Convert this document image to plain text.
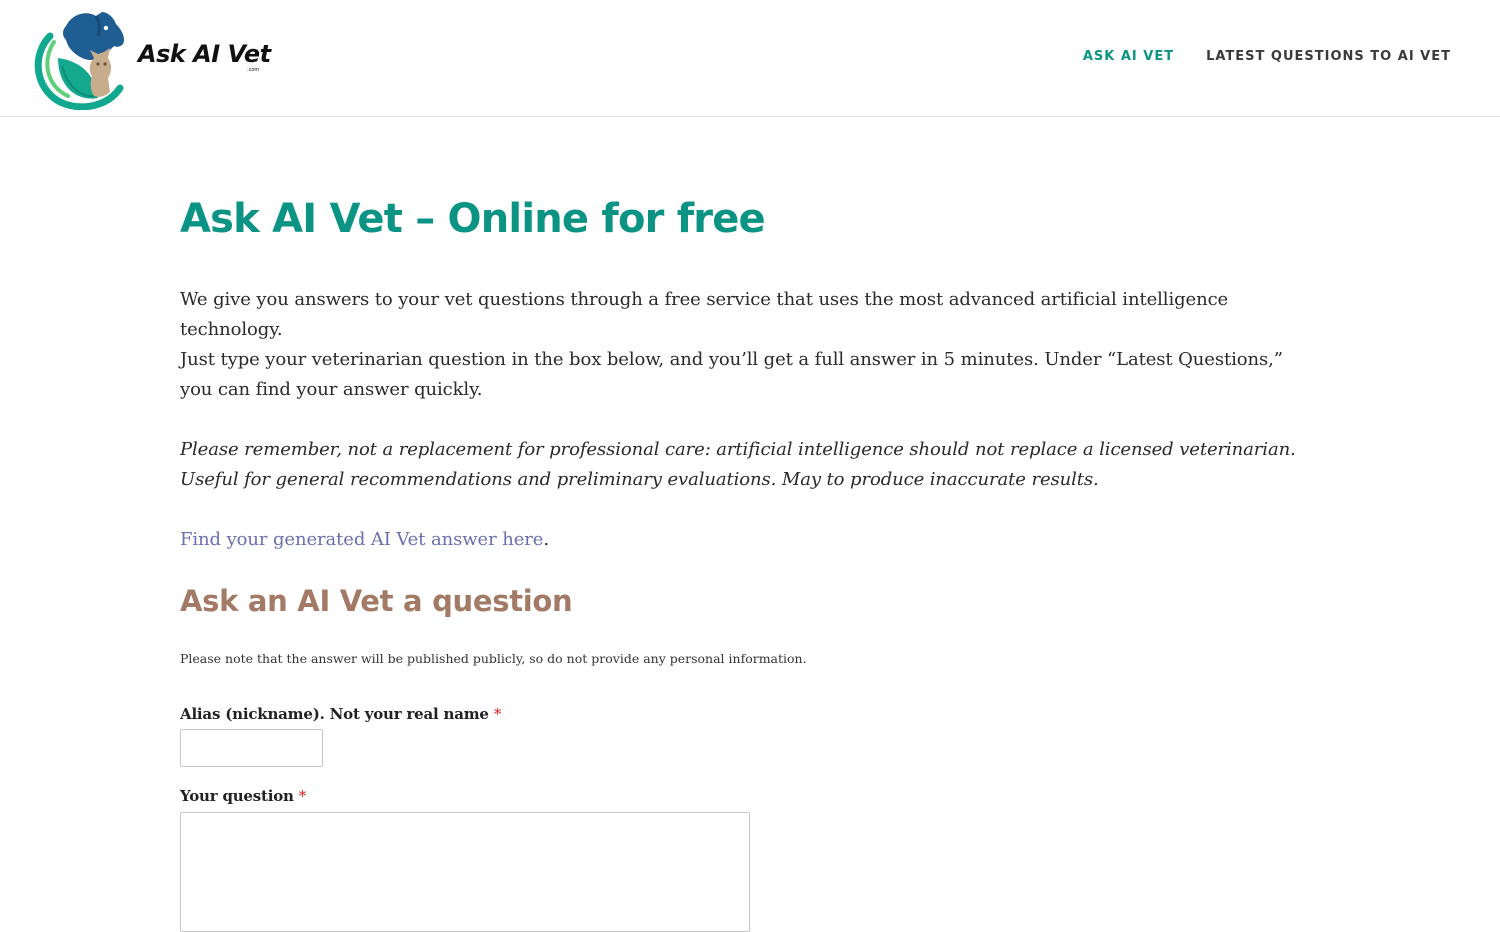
Ask AI Vet
.com
ASK AI VET LATEST QUESTIONS TO AI VET
Ask AI Vet – Online for free

We give you answers to your vet questions through a free service that uses the most advanced artificial intelligence technology.

Just type your veterinarian question in the box below, and you’ll get a full answer in 5 minutes. Under “Latest Questions,” you can find your answer quickly.

Please remember, not a replacement for professional care: artificial intelligence should not replace a licensed veterinarian. Useful for general recommendations and preliminary evaluations. May to produce inaccurate results.

Find your generated AI Vet answer here.

Ask an AI Vet a question

Please note that the answer will be published publicly, so do not provide any personal information.

Alias (nickname). Not your real name *
Your question *
